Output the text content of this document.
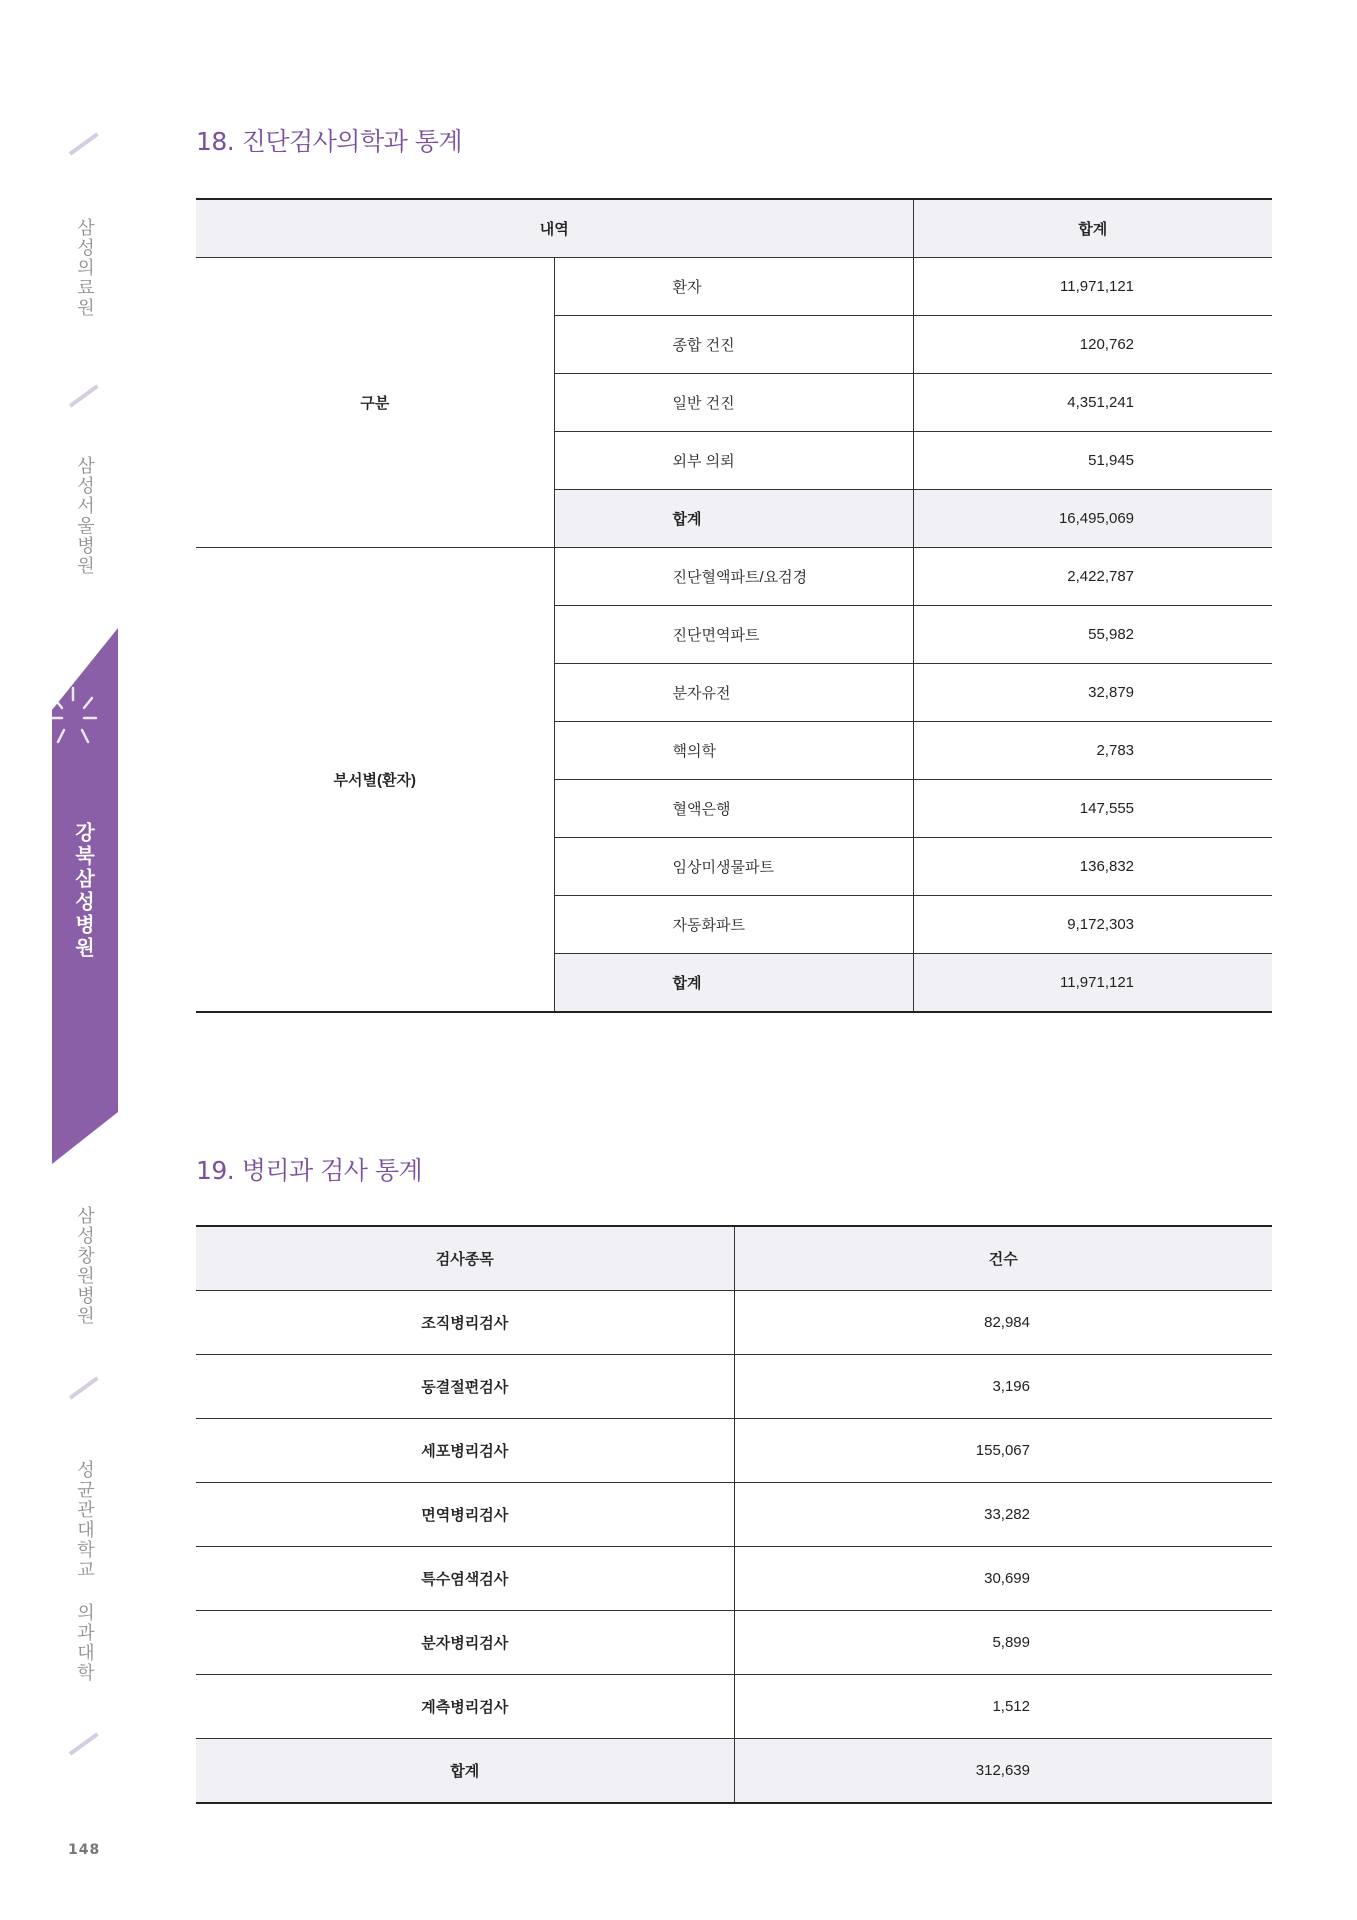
삼성의료원
삼성서울병원
강북삼성병원
삼성창원병원
성균관대학교 의과대학
148
18. 진단검사의학과 통계
내역		합계
구분	환자	11,971,121
	종합 건진	120,762
	일반 건진	4,351,241
	외부 의뢰	51,945
	합계	16,495,069
부서별(환자)	진단혈액파트/요검경	2,422,787
	진단면역파트	55,982
	분자유전	32,879
	핵의학	2,783
	혈액은행	147,555
	임상미생물파트	136,832
	자동화파트	9,172,303
	합계	11,971,121
19. 병리과 검사 통계
검사종목	건수
조직병리검사	82,984
동결절편검사	3,196
세포병리검사	155,067
면역병리검사	33,282
특수염색검사	30,699
분자병리검사	5,899
계측병리검사	1,512
합계	312,639
